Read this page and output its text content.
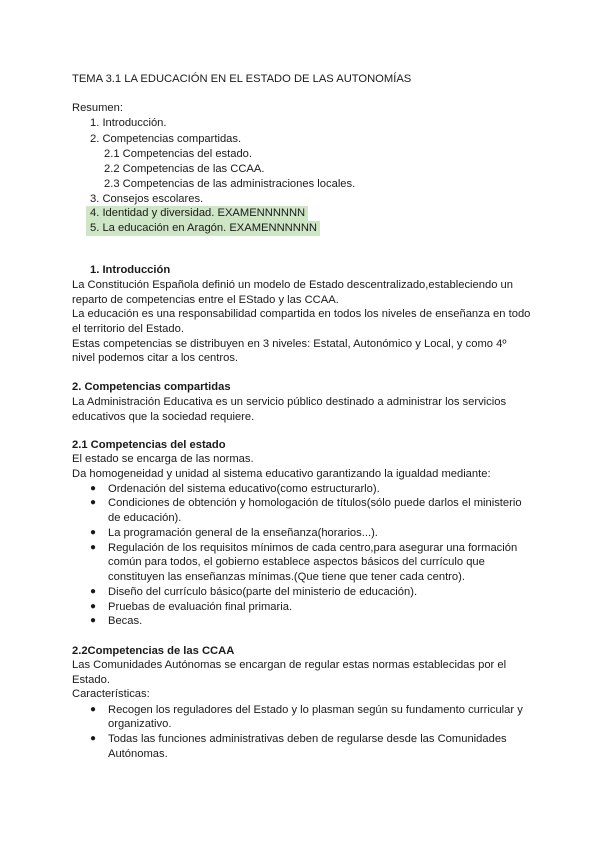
TEMA 3.1 LA EDUCACIÓN EN EL ESTADO DE LAS AUTONOMÍAS
Resumen:
1. Introducción.
2. Competencias compartidas.
2.1 Competencias del estado.
2.2 Competencias de las CCAA.
2.3 Competencias de las administraciones locales.
3. Consejos escolares.
4. Identidad y diversidad. EXAMENNNNNN
5. La educación en Aragón. EXAMENNNNNN
1. Introducción
La Constitución Española definió un modelo de Estado descentralizado,estableciendo un
reparto de competencias entre el EStado y las CCAA.
La educación es una responsabilidad compartida en todos los niveles de enseñanza en todo
el territorio del Estado.
Estas competencias se distribuyen en 3 niveles: Estatal, Autonómico y Local, y como 4º
nivel podemos citar a los centros.
2. Competencias compartidas
La Administración Educativa es un servicio público destinado a administrar los servicios
educativos que la sociedad requiere.
2.1 Competencias del estado
El estado se encarga de las normas.
Da homogeneidad y unidad al sistema educativo garantizando la igualdad mediante:
● Ordenación del sistema educativo(como estructurarlo).
● Condiciones de obtención y homologación de títulos(sólo puede darlos el ministerio
de educación).
● La programación general de la enseñanza(horarios...).
● Regulación de los requisitos mínimos de cada centro,para asegurar una formación
común para todos, el gobierno establece aspectos básicos del currículo que
constituyen las enseñanzas mínimas.(Que tiene que tener cada centro).
● Diseño del currículo básico(parte del ministerio de educación).
● Pruebas de evaluación final primaria.
● Becas.
2.2Competencias de las CCAA
Las Comunidades Autónomas se encargan de regular estas normas establecidas por el
Estado.
Características:
● Recogen los reguladores del Estado y lo plasman según su fundamento curricular y
organizativo.
● Todas las funciones administrativas deben de regularse desde las Comunidades
Autónomas.
